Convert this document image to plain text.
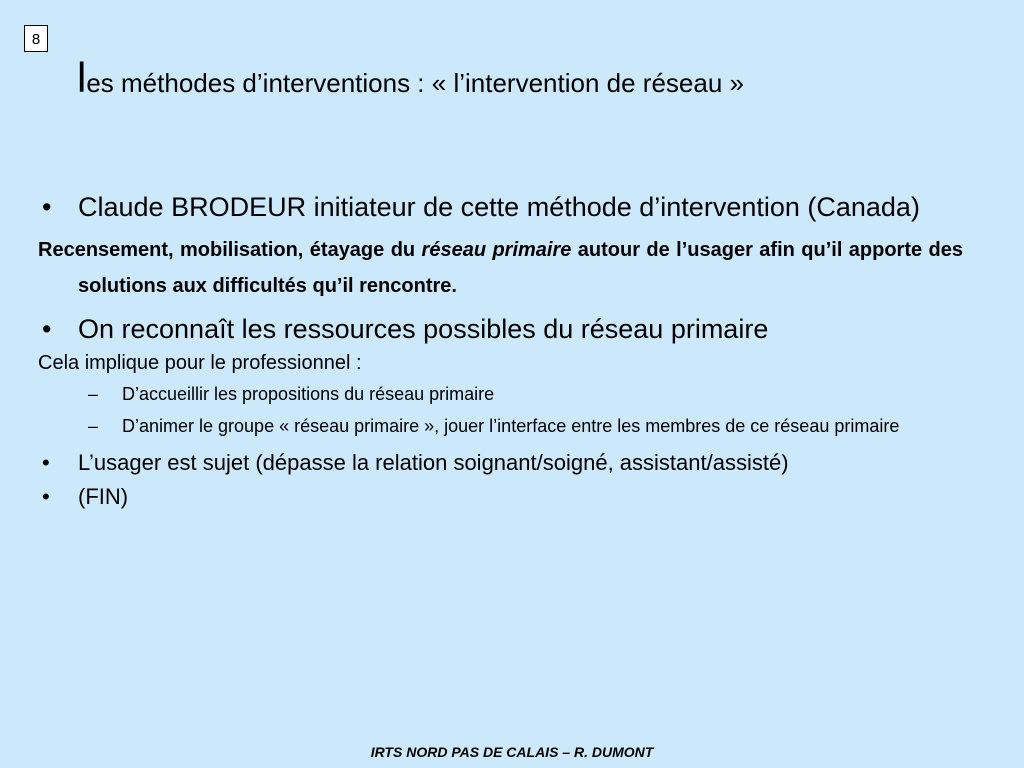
8
les méthodes d’interventions : « l’intervention de réseau »
• Claude BRODEUR initiateur de cette méthode d’intervention (Canada)
Recensement, mobilisation, étayage du réseau primaire autour de l’usager afin qu’il apporte des solutions aux difficultés qu’il rencontre.
• On reconnaît les ressources possibles du réseau primaire
Cela implique pour le professionnel :
– D’accueillir les propositions du réseau primaire
– D’animer le groupe « réseau primaire », jouer l’interface entre les membres de ce réseau primaire
• L’usager est sujet (dépasse la relation soignant/soigné, assistant/assisté)
• (FIN)
IRTS NORD PAS DE CALAIS – R. DUMONT
